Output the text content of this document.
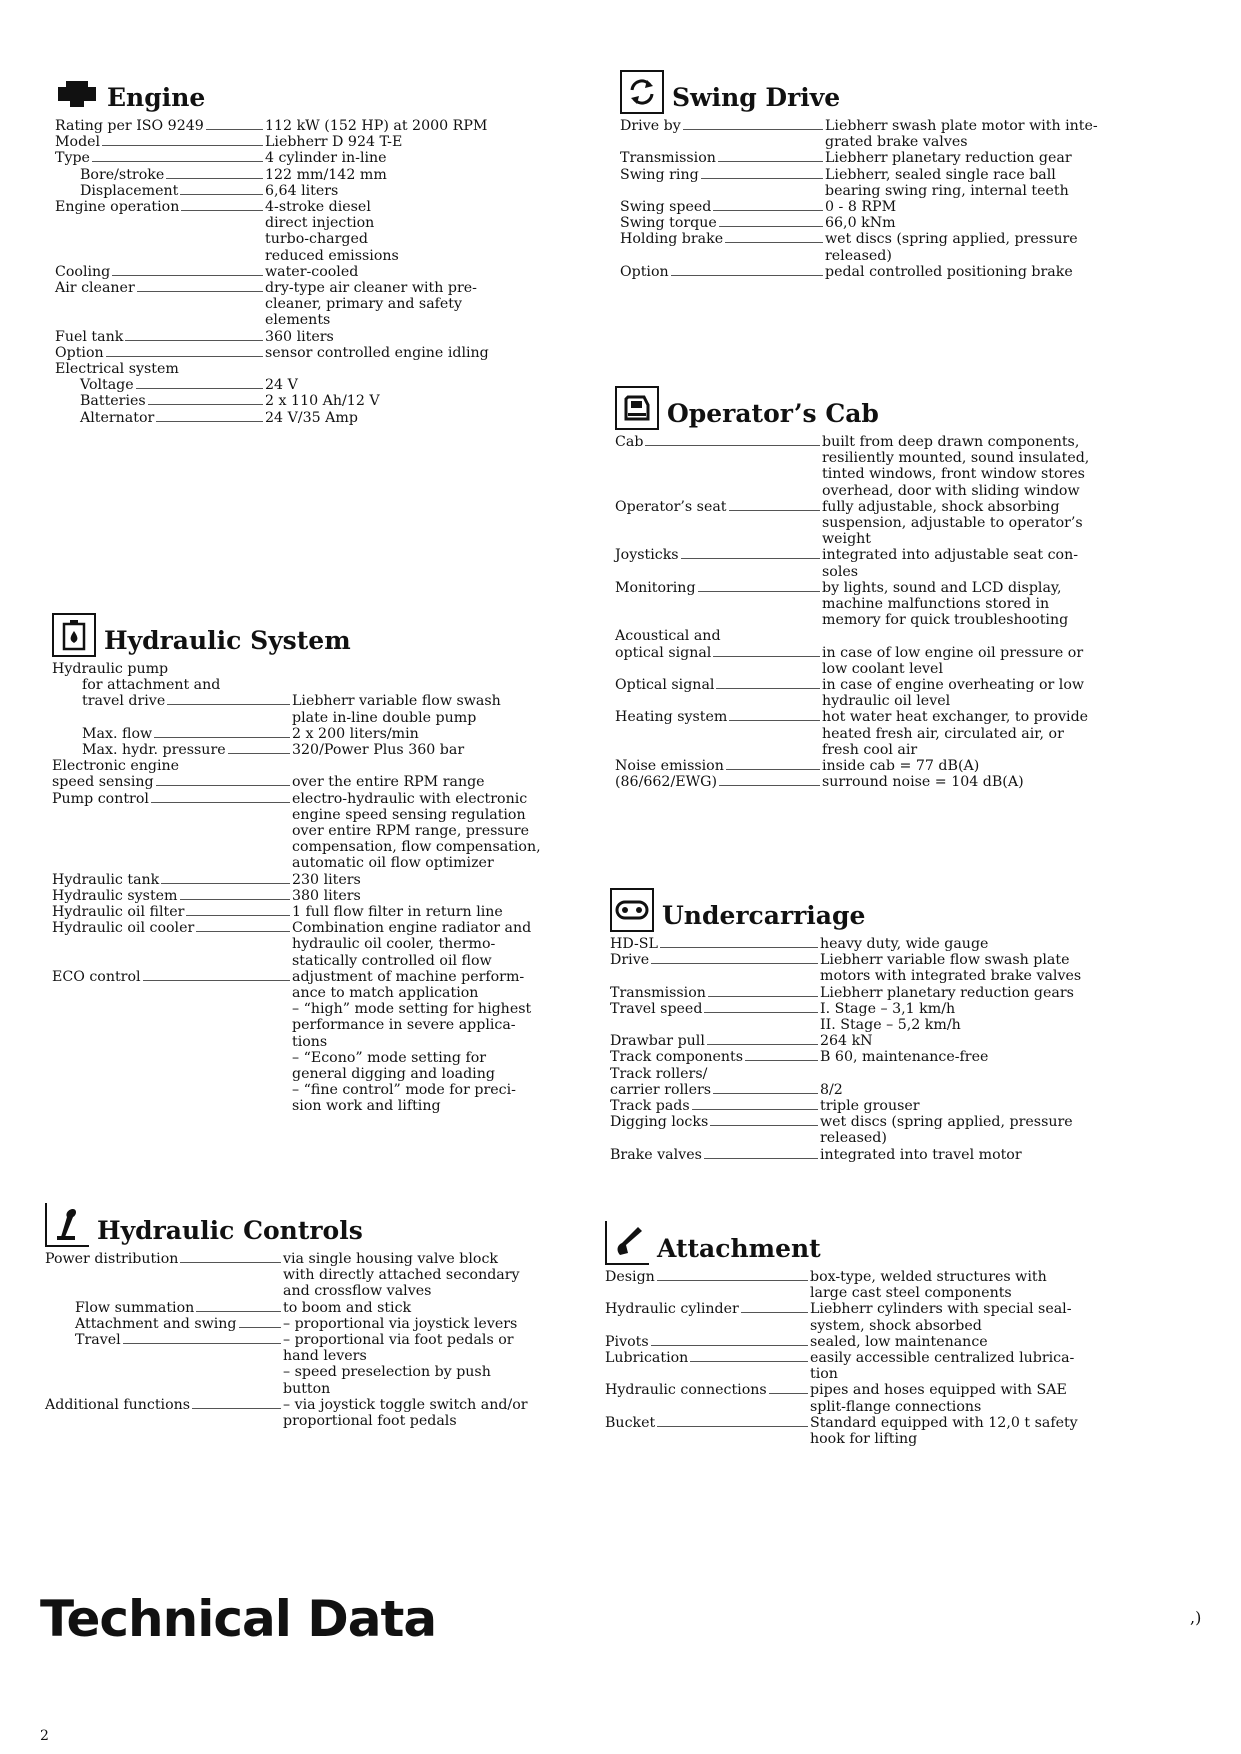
Engine
Rating per ISO 9249	112 kW (152 HP) at 2000 RPM
Model	Liebherr D 924 T-E
Type	4 cylinder in-line
Bore/stroke	122 mm/142 mm
Displacement	6,64 liters
Engine operation	4-stroke diesel
direct injection
turbo-charged
reduced emissions
Cooling	water-cooled
Air cleaner	dry-type air cleaner with pre-
cleaner, primary and safety
elements
Fuel tank	360 liters
Option	sensor controlled engine idling
Electrical system
Voltage	24 V
Batteries	2 x 110 Ah/12 V
Alternator	24 V/35 Amp
Swing Drive
Drive by	Liebherr swash plate motor with inte-
grated brake valves
Transmission	Liebherr planetary reduction gear
Swing ring	Liebherr, sealed single race ball
bearing swing ring, internal teeth
Swing speed	0 - 8 RPM
Swing torque	66,0 kNm
Holding brake	wet discs (spring applied, pressure
released)
Option	pedal controlled positioning brake
Operator’s Cab
Cab	built from deep drawn components,
resiliently mounted, sound insulated,
tinted windows, front window stores
overhead, door with sliding window
Operator’s seat	fully adjustable, shock absorbing
suspension, adjustable to operator’s
weight
Joysticks	integrated into adjustable seat con-
soles
Monitoring	by lights, sound and LCD display,
machine malfunctions stored in
memory for quick troubleshooting
Acoustical and
optical signal	in case of low engine oil pressure or
low coolant level
Optical signal	in case of engine overheating or low
hydraulic oil level
Heating system	hot water heat exchanger, to provide
heated fresh air, circulated air, or
fresh cool air
Noise emission	inside cab = 77 dB(A)
(86/662/EWG)	surround noise = 104 dB(A)
Hydraulic System
Hydraulic pump
for attachment and
travel drive	Liebherr variable flow swash
plate in-line double pump
Max. flow	2 x 200 liters/min
Max. hydr. pressure	320/Power Plus 360 bar
Electronic engine
speed sensing	over the entire RPM range
Pump control	electro-hydraulic with electronic
engine speed sensing regulation
over entire RPM range, pressure
compensation, flow compensation,
automatic oil flow optimizer
Hydraulic tank	230 liters
Hydraulic system	380 liters
Hydraulic oil filter	1 full flow filter in return line
Hydraulic oil cooler	Combination engine radiator and
hydraulic oil cooler, thermo-
statically controlled oil flow
ECO control	adjustment of machine perform-
ance to match application
– “high” mode setting for highest
performance in severe applica-
tions
– “Econo” mode setting for
general digging and loading
– “fine control” mode for preci-
sion work and lifting
Undercarriage
HD-SL	heavy duty, wide gauge
Drive	Liebherr variable flow swash plate
motors with integrated brake valves
Transmission	Liebherr planetary reduction gears
Travel speed	I. Stage – 3,1 km/h
II. Stage – 5,2 km/h
Drawbar pull	264 kN
Track components	B 60, maintenance-free
Track rollers/
carrier rollers	8/2
Track pads	triple grouser
Digging locks	wet discs (spring applied, pressure
released)
Brake valves	integrated into travel motor
Hydraulic Controls
Power distribution	via single housing valve block
with directly attached secondary
and crossflow valves
Flow summation	to boom and stick
Attachment and swing	– proportional via joystick levers
Travel	– proportional via foot pedals or
hand levers
– speed preselection by push
button
Additional functions	– via joystick toggle switch and/or
proportional foot pedals
Attachment
Design	box-type, welded structures with
large cast steel components
Hydraulic cylinder	Liebherr cylinders with special seal-
system, shock absorbed
Pivots	sealed, low maintenance
Lubrication	easily accessible centralized lubrica-
tion
Hydraulic connections	pipes and hoses equipped with SAE
split-flange connections
Bucket	Standard equipped with 12,0 t safety
hook for lifting
Technical Data	,)
2
